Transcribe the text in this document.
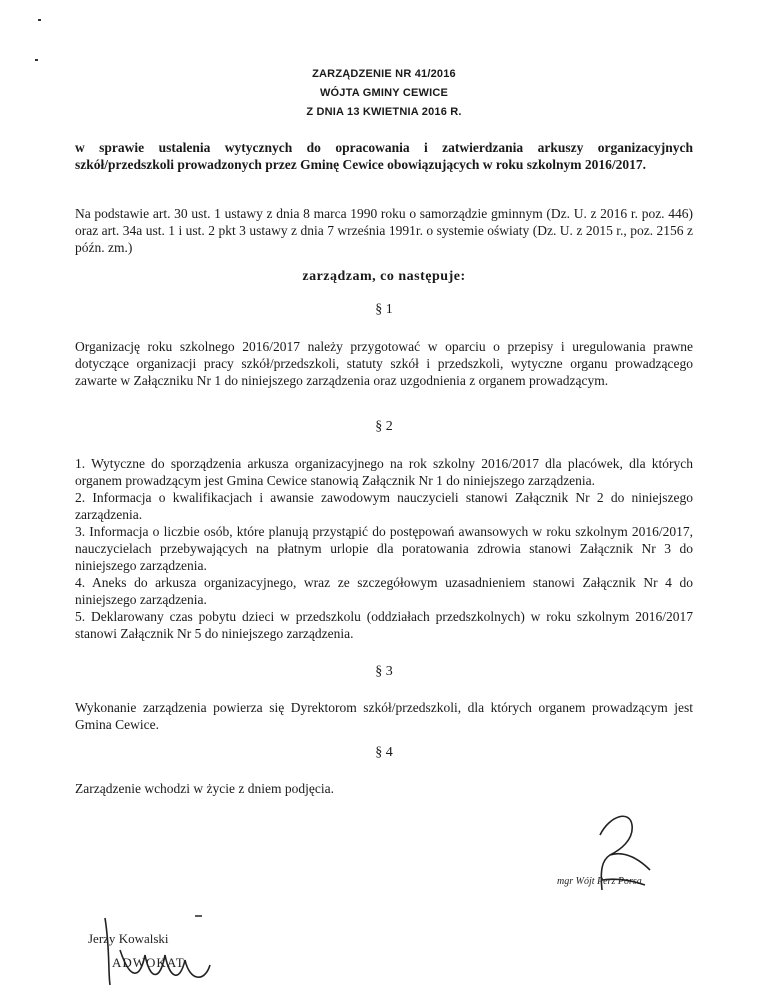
ZARZĄDZENIE NR 41/2016
WÓJTA GMINY CEWICE
Z DNIA 13 KWIETNIA 2016 R.
w sprawie ustalenia wytycznych do opracowania i zatwierdzania arkuszy organizacyjnych szkół/przedszkoli prowadzonych przez Gminę Cewice obowiązujących w roku szkolnym 2016/2017.
Na podstawie art. 30 ust. 1 ustawy z dnia 8 marca 1990 roku o samorządzie gminnym (Dz. U. z 2016 r. poz. 446) oraz art. 34a ust. 1 i ust. 2 pkt 3 ustawy z dnia 7 września 1991r. o systemie oświaty (Dz. U. z 2015 r., poz. 2156 z późn. zm.)
zarządzam, co następuje:
§ 1
Organizację roku szkolnego 2016/2017 należy przygotować w oparciu o przepisy i uregulowania prawne dotyczące organizacji pracy szkół/przedszkoli, statuty szkół i przedszkoli, wytyczne organu prowadzącego zawarte w Załączniku Nr 1 do niniejszego zarządzenia oraz uzgodnienia z organem prowadzącym.
§ 2

1. Wytyczne do sporządzenia arkusza organizacyjnego na rok szkolny 2016/2017 dla placówek, dla których organem prowadzącym jest Gmina Cewice stanowią Załącznik Nr 1 do niniejszego zarządzenia.

2. Informacja o kwalifikacjach i awansie zawodowym nauczycieli stanowi Załącznik Nr 2 do niniejszego zarządzenia.

3. Informacja o liczbie osób, które planują przystąpić do postępowań awansowych w roku szkolnym 2016/2017, nauczycielach przebywających na płatnym urlopie dla poratowania zdrowia stanowi Załącznik Nr 3 do niniejszego zarządzenia.

4. Aneks do arkusza organizacyjnego, wraz ze szczegółowym uzasadnieniem stanowi Załącznik Nr 4 do niniejszego zarządzenia.

5. Deklarowany czas pobytu dzieci w przedszkolu (oddziałach przedszkolnych) w roku szkolnym 2016/2017 stanowi Załącznik Nr 5 do niniejszego zarządzenia.

§ 3
Wykonanie zarządzenia powierza się Dyrektorom szkół/przedszkoli, dla których organem prowadzącym jest Gmina Cewice.
§ 4
Zarządzenie wchodzi w życie z dniem podjęcia.
mgr Wójt Perz Porsa
Jerzy Kowalski
ADWOKAT
